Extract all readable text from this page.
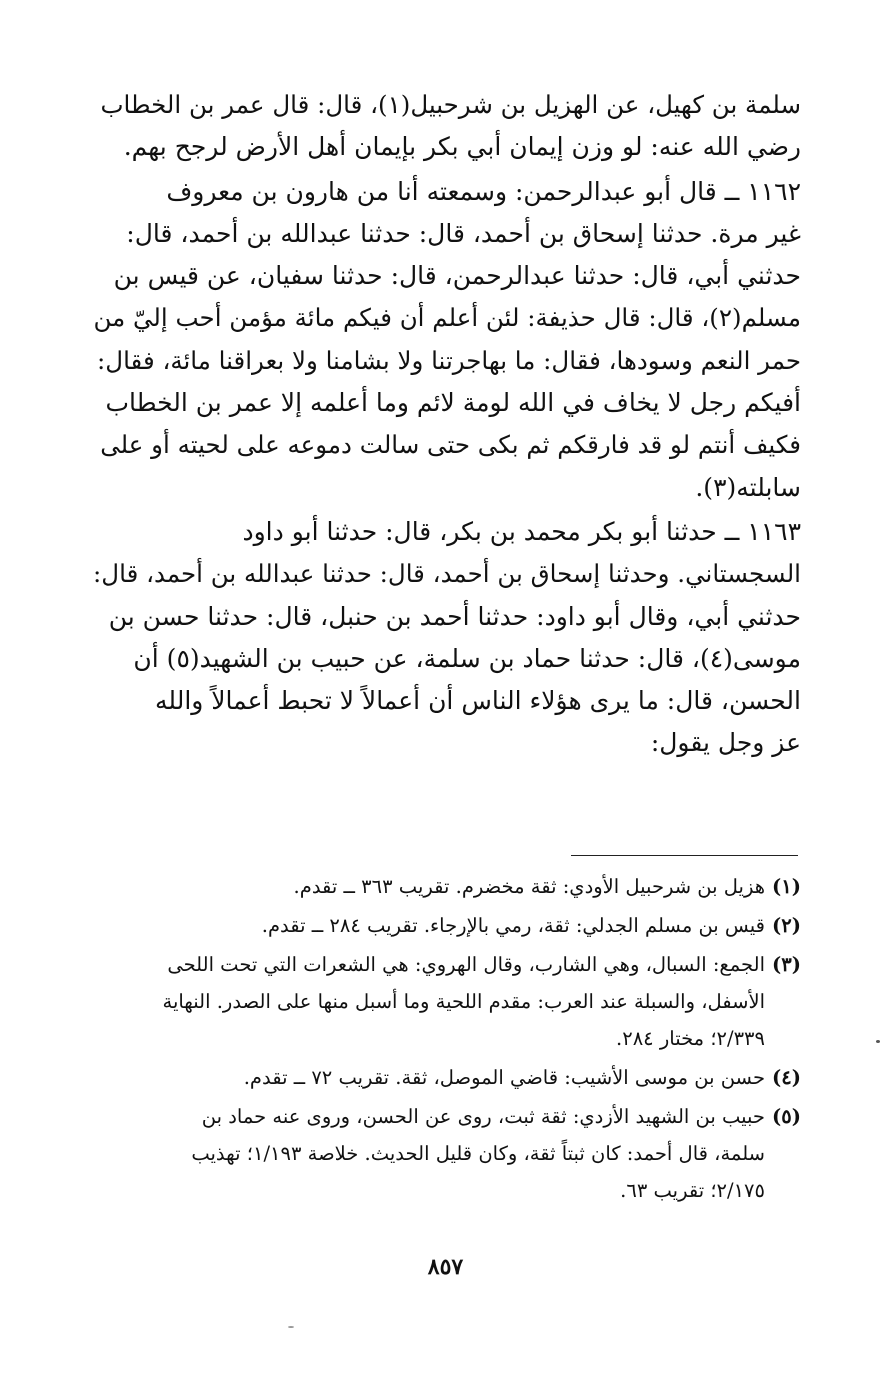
سلمة بن كهيل، عن الهزيل بن شرحبيل(١)، قال: قال عمر بن الخطاب
رضي الله عنه: لو وزن إيمان أبي بكر بإيمان أهل الأرض لرجح بهم.

١١٦٢ ــ قال أبو عبدالرحمن: وسمعته أنا من هارون بن معروف
غير مرة. حدثنا إسحاق بن أحمد، قال: حدثنا عبدالله بن أحمد، قال:
حدثني أبي، قال: حدثنا عبدالرحمن، قال: حدثنا سفيان، عن قيس بن
مسلم(٢)، قال: قال حذيفة: لئن أعلم أن فيكم مائة مؤمن أحب إليّ من
حمر النعم وسودها، فقال: ما بهاجرتنا ولا بشامنا ولا بعراقنا مائة، فقال:
أفيكم رجل لا يخاف في الله لومة لائم وما أعلمه إلا عمر بن الخطاب
فكيف أنتم لو قد فارقكم ثم بكى حتى سالت دموعه على لحيته أو على
سابلته(٣).

١١٦٣ ــ حدثنا أبو بكر محمد بن بكر، قال: حدثنا أبو داود
السجستاني. وحدثنا إسحاق بن أحمد، قال: حدثنا عبدالله بن أحمد، قال:
حدثني أبي، وقال أبو داود: حدثنا أحمد بن حنبل، قال: حدثنا حسن بن
موسى(٤)، قال: حدثنا حماد بن سلمة، عن حبيب بن الشهيد(٥) أن
الحسن، قال: ما يرى هؤلاء الناس أن أعمالاً لا تحبط أعمالاً والله
عز وجل يقول:

(١)
هزيل بن شرحبيل الأودي: ثقة مخضرم. تقريب ٣٦٣ ــ تقدم.
(٢)
قيس بن مسلم الجدلي: ثقة، رمي بالإرجاء. تقريب ٢٨٤ ــ تقدم.
(٣)
الجمع: السبال، وهي الشارب، وقال الهروي: هي الشعرات التي تحت اللحى
الأسفل، والسبلة عند العرب: مقدم اللحية وما أسبل منها على الصدر. النهاية
٢/٣٣٩؛ مختار ٢٨٤.
(٤)
حسن بن موسى الأشيب: قاضي الموصل، ثقة. تقريب ٧٢ ــ تقدم.
(٥)
حبيب بن الشهيد الأزدي: ثقة ثبت، روى عن الحسن، وروى عنه حماد بن
سلمة، قال أحمد: كان ثبتاً ثقة، وكان قليل الحديث. خلاصة ١/١٩٣؛ تهذيب
٢/١٧٥؛ تقريب ٦٣.
٨٥٧
